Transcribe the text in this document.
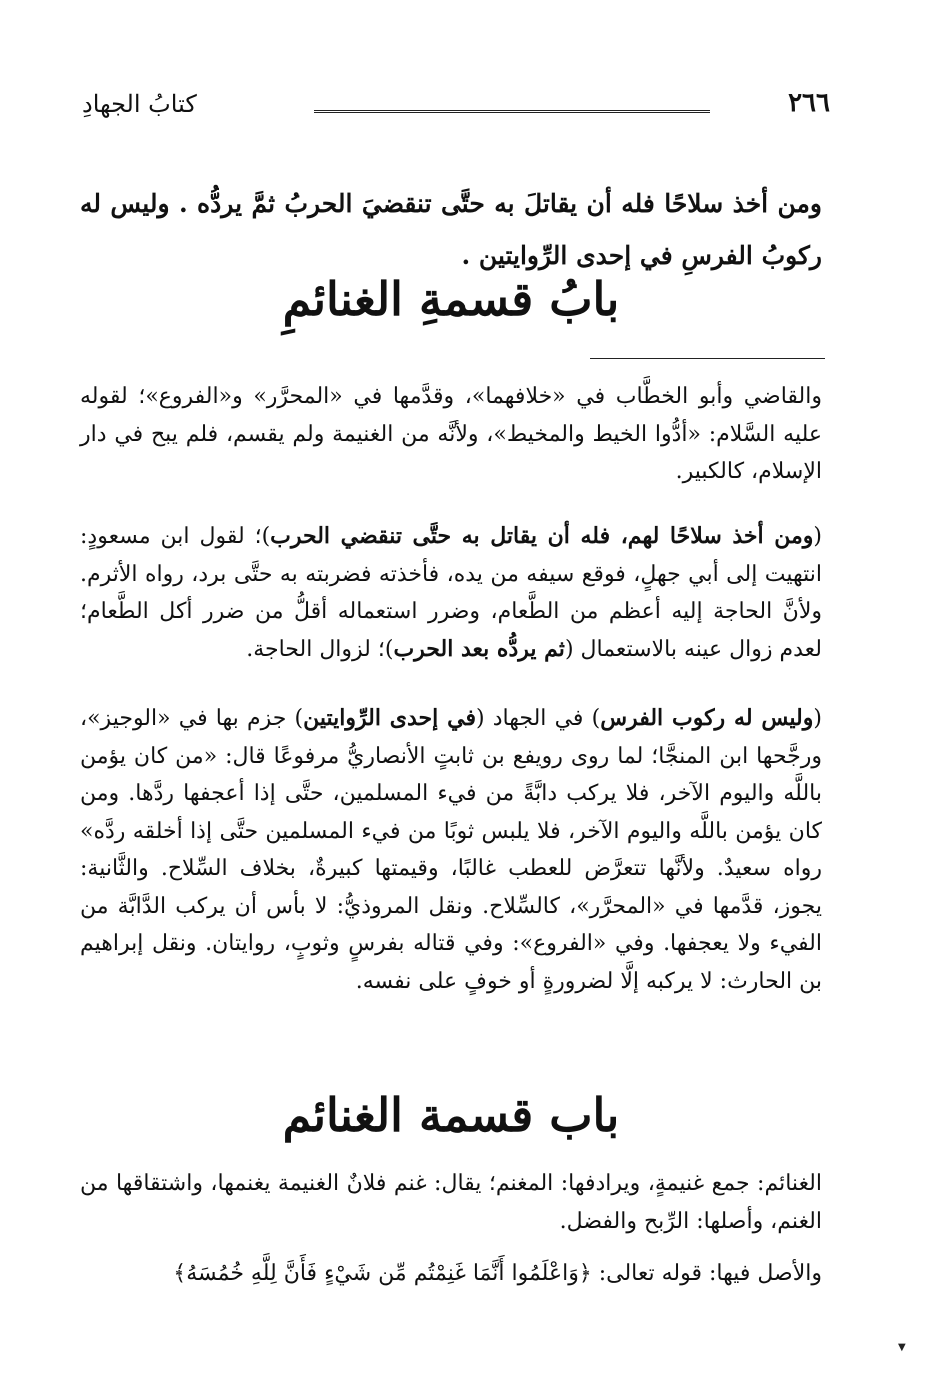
٢٦٦
كتابُ الجهادِ

ومن أخذ سلاحًا فله أن يقاتلَ به حتَّى تنقضيَ الحربُ ثمَّ يردُّه . وليس له ركوبُ الفرسِ في إحدى الرِّوايتين .

بابُ قسمةِ الغنائمِ

والقاضي وأبو الخطَّاب في «خلافهما»، وقدَّمها في «المحرَّر» و«الفروع»؛ لقوله عليه السَّلام: «أدُّوا الخيط والمخيط»، ولأنَّه من الغنيمة ولم يقسم، فلم يبح في دار الإسلام، كالكبير.

(ومن أخذ سلاحًا لهم، فله أن يقاتل به حتَّى تنقضي الحرب)؛ لقول ابن مسعودٍ: انتهيت إلى أبي جهلٍ، فوقع سيفه من يده، فأخذته فضربته به حتَّى برد، رواه الأثرم. ولأنَّ الحاجة إليه أعظم من الطَّعام، وضرر استعماله أقلُّ من ضرر أكل الطَّعام؛ لعدم زوال عينه بالاستعمال (ثم يردُّه بعد الحرب)؛ لزوال الحاجة.

(وليس له ركوب الفرس) في الجهاد (في إحدى الرِّوايتين) جزم بها في «الوجيز»، ورجَّحها ابن المنجَّا؛ لما روى رويفع بن ثابتٍ الأنصاريُّ مرفوعًا قال: «من كان يؤمن باللَّه واليوم الآخر، فلا يركب دابَّةً من فيء المسلمين، حتَّى إذا أعجفها ردَّها. ومن كان يؤمن باللَّه واليوم الآخر، فلا يلبس ثوبًا من فيء المسلمين حتَّى إذا أخلقه ردَّه» رواه سعيدٌ. ولأنَّها تتعرَّض للعطب غالبًا، وقيمتها كبيرةٌ، بخلاف السِّلاح. والثَّانية: يجوز، قدَّمها في «المحرَّر»، كالسِّلاح. ونقل المروذيُّ: لا بأس أن يركب الدَّابَّة من الفيء ولا يعجفها. وفي «الفروع»: وفي قتاله بفرسٍ وثوبٍ، روايتان. ونقل إبراهيم بن الحارث: لا يركبه إلَّا لضرورةٍ أو خوفٍ على نفسه.

باب قسمة الغنائم

الغنائم: جمع غنيمةٍ، ويرادفها: المغنم؛ يقال: غنم فلانٌ الغنيمة يغنمها، واشتقاقها من الغنم، وأصلها: الرِّبح والفضل.

والأصل فيها: قوله تعالى: ﴿وَاعْلَمُوا أَنَّمَا غَنِمْتُم مِّن شَيْءٍ فَأَنَّ لِلَّهِ خُمُسَهُ﴾

▼
